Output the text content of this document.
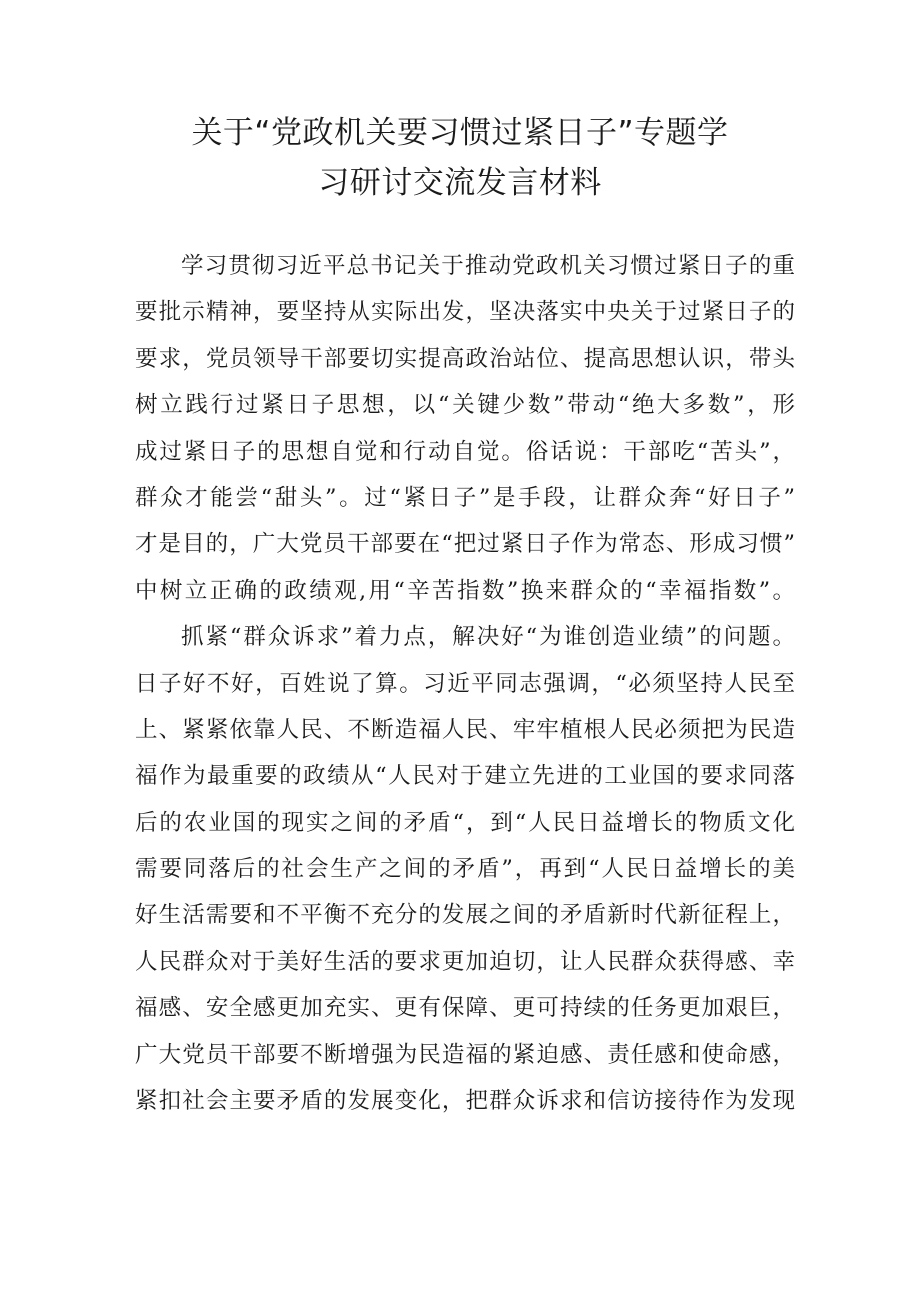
关于“党政机关要习惯过紧日子”专题学
习研讨交流发言材料
学习贯彻习近平总书记关于推动党政机关习惯过紧日子的重
要批示精神，要坚持从实际出发，坚决落实中央关于过紧日子的
要求，党员领导干部要切实提高政治站位、提高思想认识，带头
树立践行过紧日子思想，以“关键少数”带动“绝大多数”，形
成过紧日子的思想自觉和行动自觉。俗话说：干部吃“苦头”，
群众才能尝“甜头”。过“紧日子”是手段，让群众奔“好日子”
才是目的，广大党员干部要在“把过紧日子作为常态、形成习惯”
中树立正确的政绩观,用“辛苦指数”换来群众的“幸福指数”。
抓紧“群众诉求”着力点，解决好“为谁创造业绩”的问题。
日子好不好，百姓说了算。习近平同志强调，“必须坚持人民至
上、紧紧依靠人民、不断造福人民、牢牢植根人民必须把为民造
福作为最重要的政绩从“人民对于建立先进的工业国的要求同落
后的农业国的现实之间的矛盾“，到“人民日益增长的物质文化
需要同落后的社会生产之间的矛盾”，再到“人民日益增长的美
好生活需要和不平衡不充分的发展之间的矛盾新时代新征程上，
人民群众对于美好生活的要求更加迫切，让人民群众获得感、幸
福感、安全感更加充实、更有保障、更可持续的任务更加艰巨，
广大党员干部要不断增强为民造福的紧迫感、责任感和使命感，
紧扣社会主要矛盾的发展变化，把群众诉求和信访接待作为发现
